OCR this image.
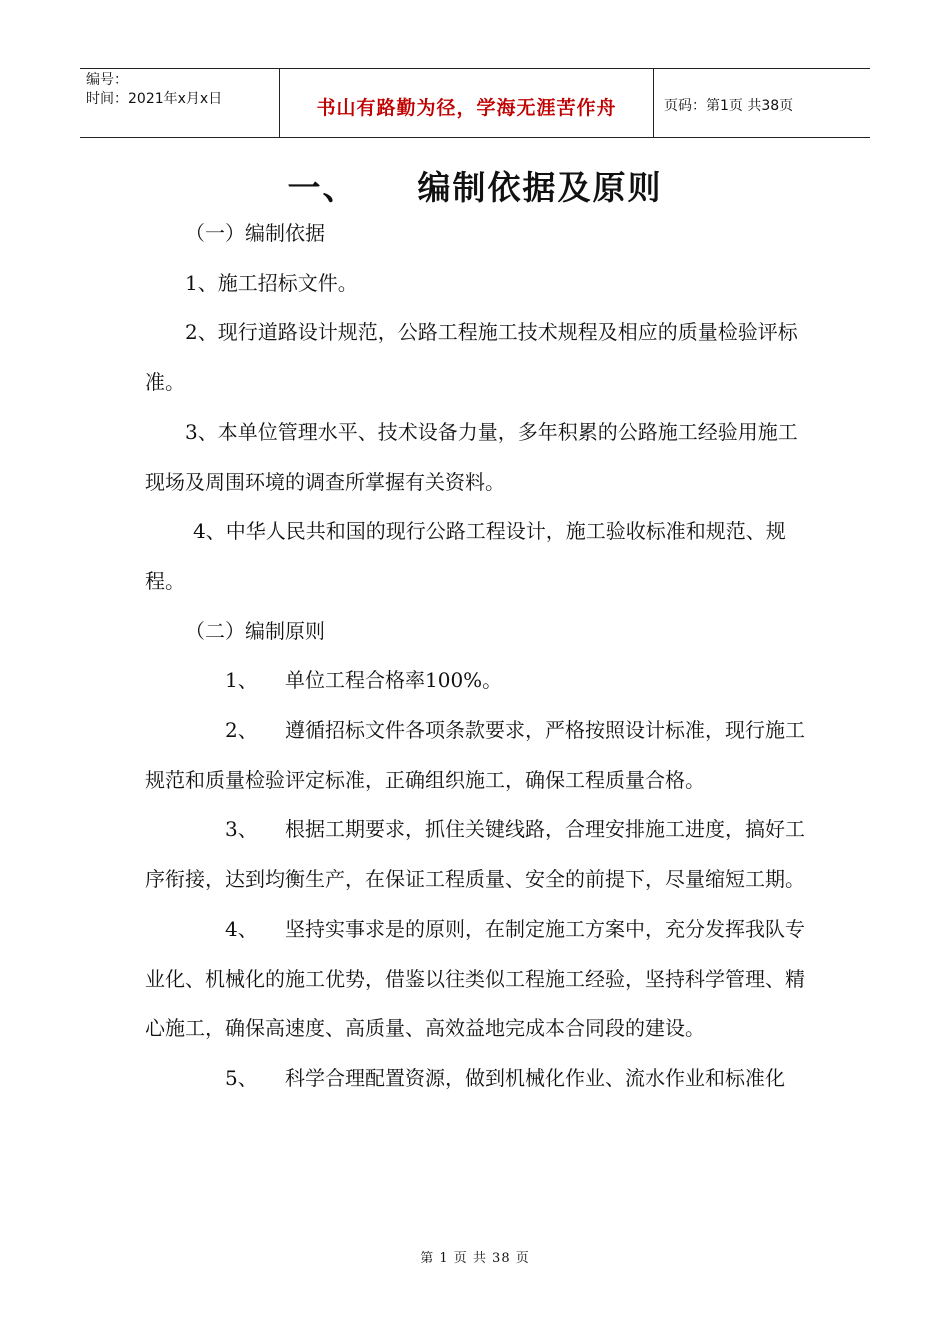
编号：
时间：2021年x月x日	书山有路勤为径，学海无涯苦作舟	页码：第1页 共38页
一、 编制依据及原则

（一）编制依据

1、施工招标文件。

2、现行道路设计规范，公路工程施工技术规程及相应的质量检验评标准。

3、本单位管理水平、技术设备力量，多年积累的公路施工经验用施工现场及周围环境的调查所掌握有关资料。

4、中华人民共和国的现行公路工程设计，施工验收标准和规范、规程。

（二）编制原则

1、 单位工程合格率100%。

2、 遵循招标文件各项条款要求，严格按照设计标准，现行施工规范和质量检验评定标准，正确组织施工，确保工程质量合格。

3、 根据工期要求，抓住关键线路，合理安排施工进度，搞好工序衔接，达到均衡生产，在保证工程质量、安全的前提下，尽量缩短工期。

4、 坚持实事求是的原则，在制定施工方案中，充分发挥我队专业化、机械化的施工优势，借鉴以往类似工程施工经验，坚持科学管理、精心施工，确保高速度、高质量、高效益地完成本合同段的建设。

5、 科学合理配置资源，做到机械化作业、流水作业和标准化

第 1 页 共 38 页
